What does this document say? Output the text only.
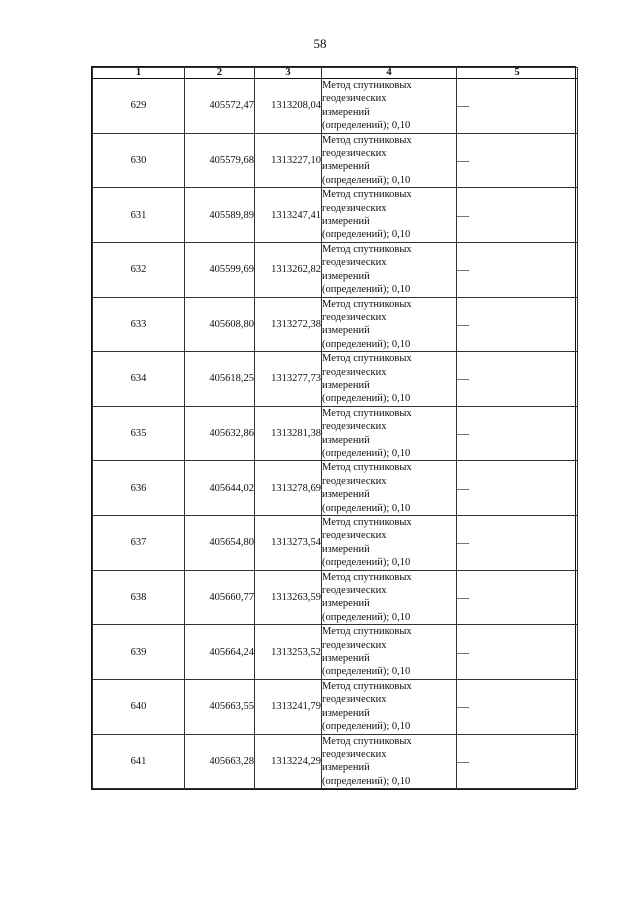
58
1	2	3	4	5
629	405572,47	1313208,04	Метод спутниковых
геодезических
измерений
(определений); 0,10	—
630	405579,68	1313227,10	Метод спутниковых
геодезических
измерений
(определений); 0,10	—
631	405589,89	1313247,41	Метод спутниковых
геодезических
измерений
(определений); 0,10	—
632	405599,69	1313262,82	Метод спутниковых
геодезических
измерений
(определений); 0,10	—
633	405608,80	1313272,38	Метод спутниковых
геодезических
измерений
(определений); 0,10	—
634	405618,25	1313277,73	Метод спутниковых
геодезических
измерений
(определений); 0,10	—
635	405632,86	1313281,38	Метод спутниковых
геодезических
измерений
(определений); 0,10	—
636	405644,02	1313278,69	Метод спутниковых
геодезических
измерений
(определений); 0,10	—
637	405654,80	1313273,54	Метод спутниковых
геодезических
измерений
(определений); 0,10	—
638	405660,77	1313263,59	Метод спутниковых
геодезических
измерений
(определений); 0,10	—
639	405664,24	1313253,52	Метод спутниковых
геодезических
измерений
(определений); 0,10	—
640	405663,55	1313241,79	Метод спутниковых
геодезических
измерений
(определений); 0,10	—
641	405663,28	1313224,29	Метод спутниковых
геодезических
измерений
(определений); 0,10	—
